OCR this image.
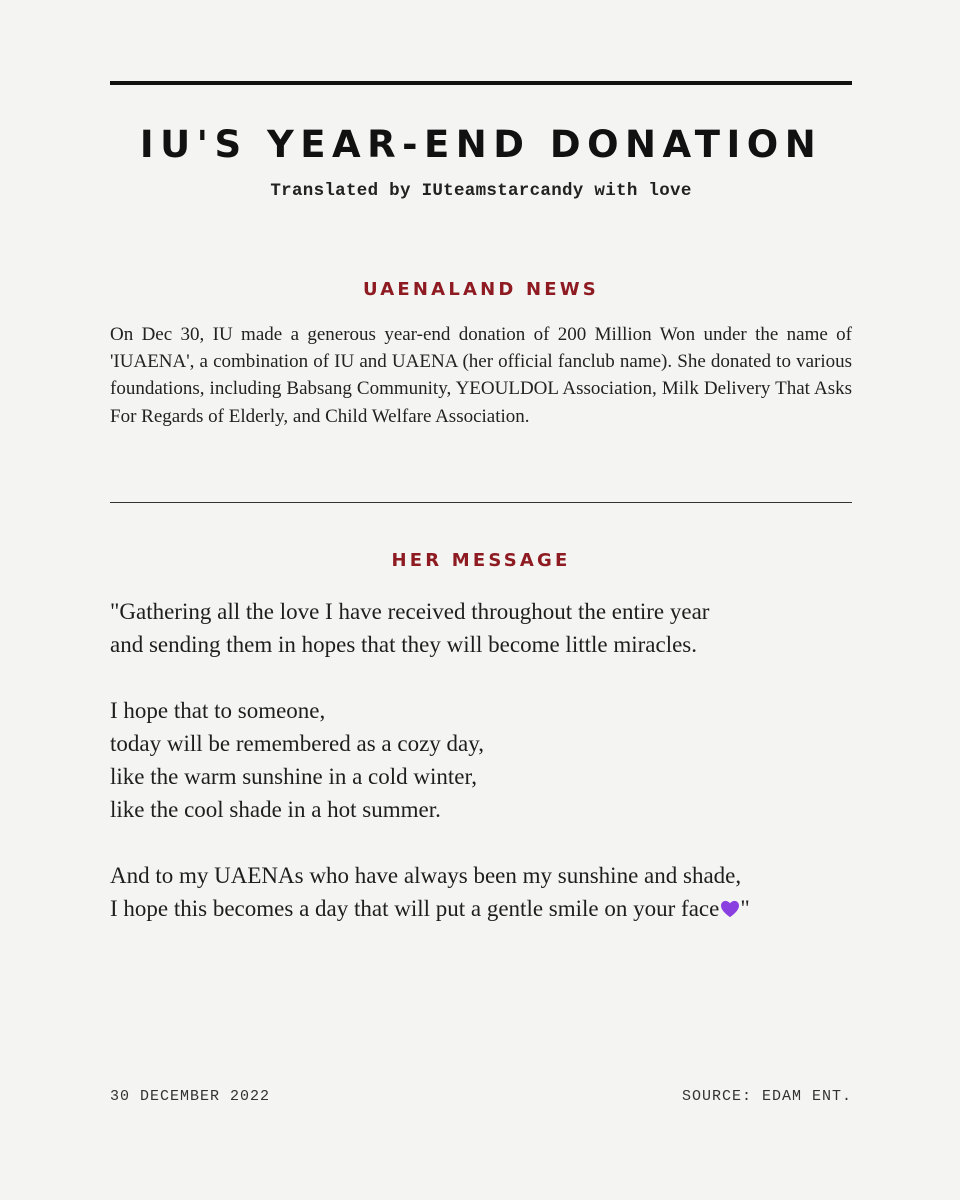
IU'S YEAR-END DONATION
Translated by IUteamstarcandy with love
UAENALAND NEWS
On Dec 30, IU made a generous year-end donation of 200 Million Won under the name of 'IUAENA', a combination of IU and UAENA (her official fanclub name). She donated to various foundations, including Babsang Community, YEOULDOL Association, Milk Delivery That Asks For Regards of Elderly, and Child Welfare Association.
HER MESSAGE
"Gathering all the love I have received throughout the entire year
and sending them in hopes that they will become little miracles.
I hope that to someone,
today will be remembered as a cozy day,
like the warm sunshine in a cold winter,
like the cool shade in a hot summer.
And to my UAENAs who have always been my sunshine and shade,
I hope this becomes a day that will put a gentle smile on your face "
30 DECEMBER 2022	SOURCE: EDAM ENT.
